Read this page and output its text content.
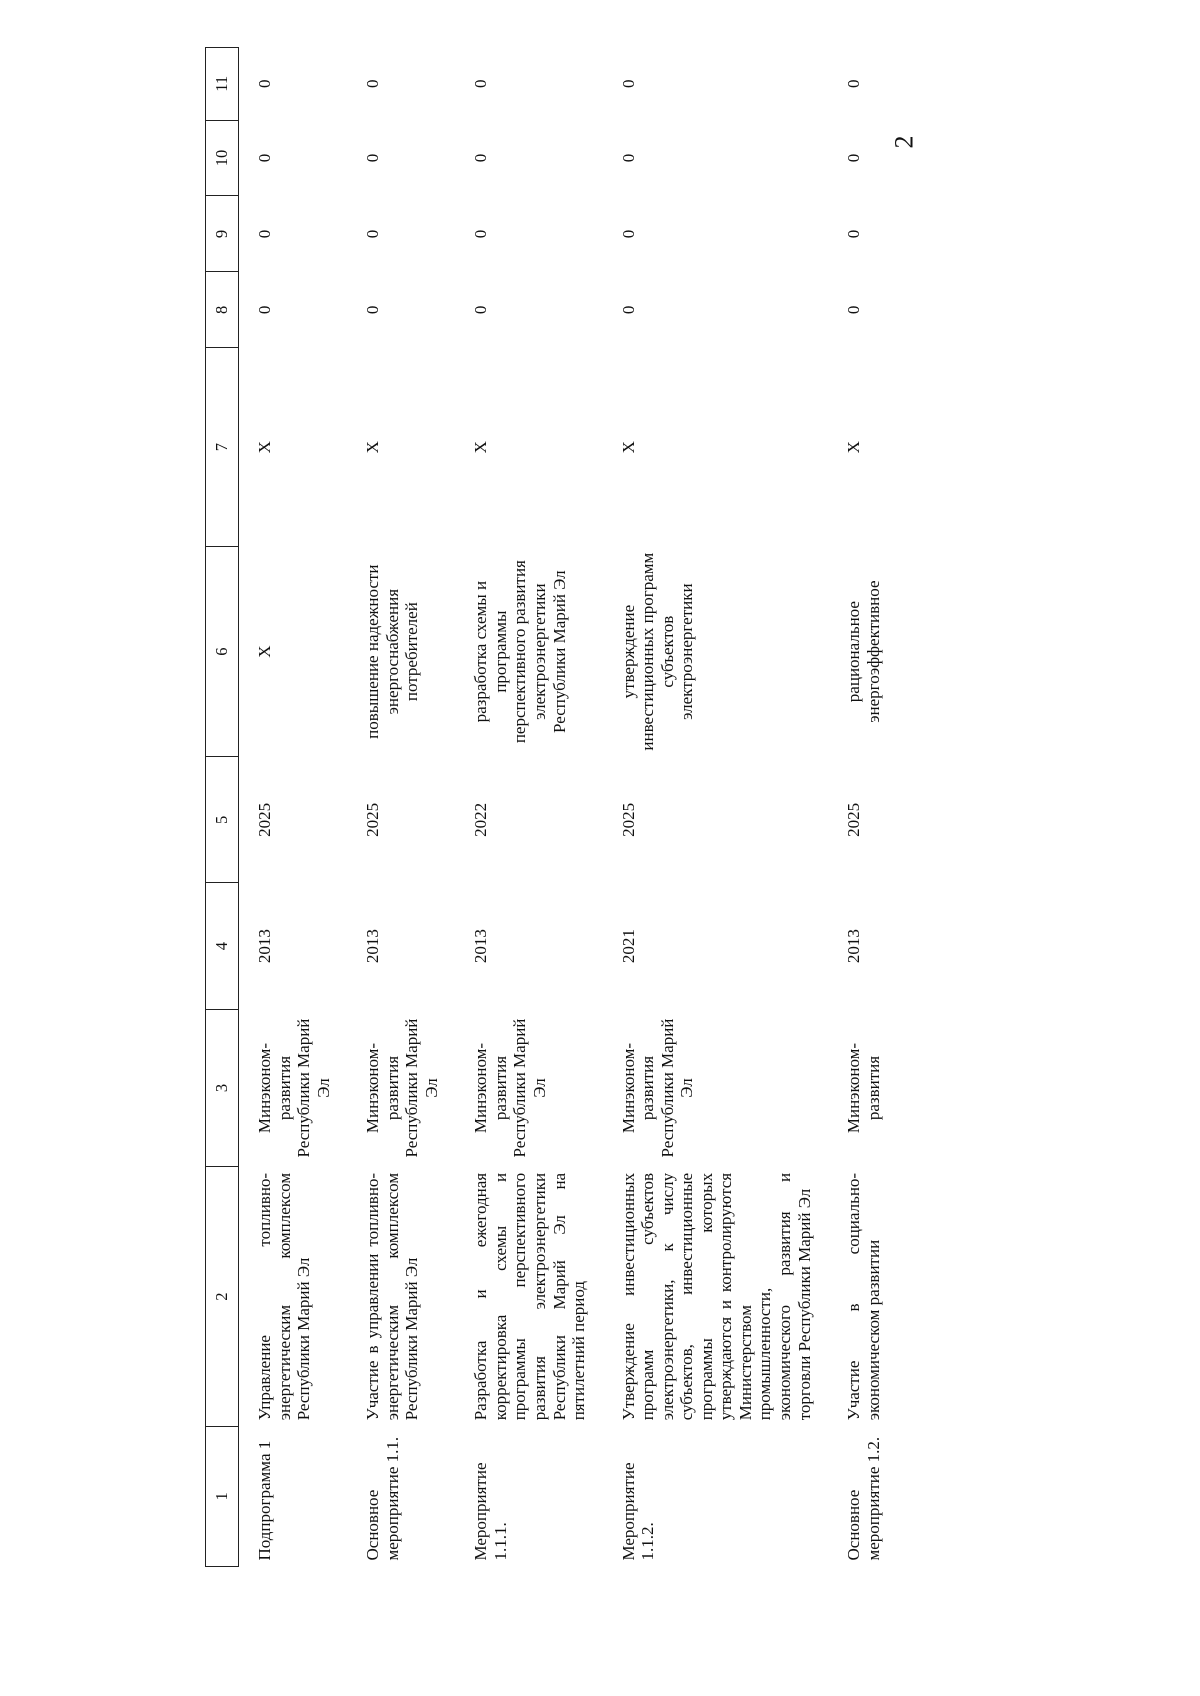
2
1	2	3	4	5	6	7	8	9	10	11
Подпрограмма 1	Управление топливно-энергетическим комплексом Республики Марий Эл	Минэконом-развития Республики Марий Эл	2013	2025	X	X	0	0	0	0
Основное мероприятие 1.1.	Участие в управлении топливно-энергетическим комплексом Республики Марий Эл	Минэконом-развития Республики Марий Эл	2013	2025	повышение надежности энергоснабжения потребителей	X	0	0	0	0
Мероприятие 1.1.1.	Разработка и ежегодная корректировка схемы и программы перспективного развития электроэнергетики Республики Марий Эл на пятилетний период	Минэконом-развития Республики Марий Эл	2013	2022	разработка схемы и программы перспективного развития электроэнергетики Республики Марий Эл	X	0	0	0	0
Мероприятие 1.1.2.	Утверждение инвестиционных программ субъектов электроэнергетики, к числу субъектов, инвестиционные программы которых утверждаются и контролируются Министерством промышленности, экономического развития и торговли Республики Марий Эл	Минэконом-развития Республики Марий Эл	2021	2025	утверждение инвестиционных программ субъектов электроэнергетики	X	0	0	0	0
Основное мероприятие 1.2.	Участие в социально-экономическом развитии	Минэконом-развития	2013	2025	рациональное энергоэффективное	X	0	0	0	0
